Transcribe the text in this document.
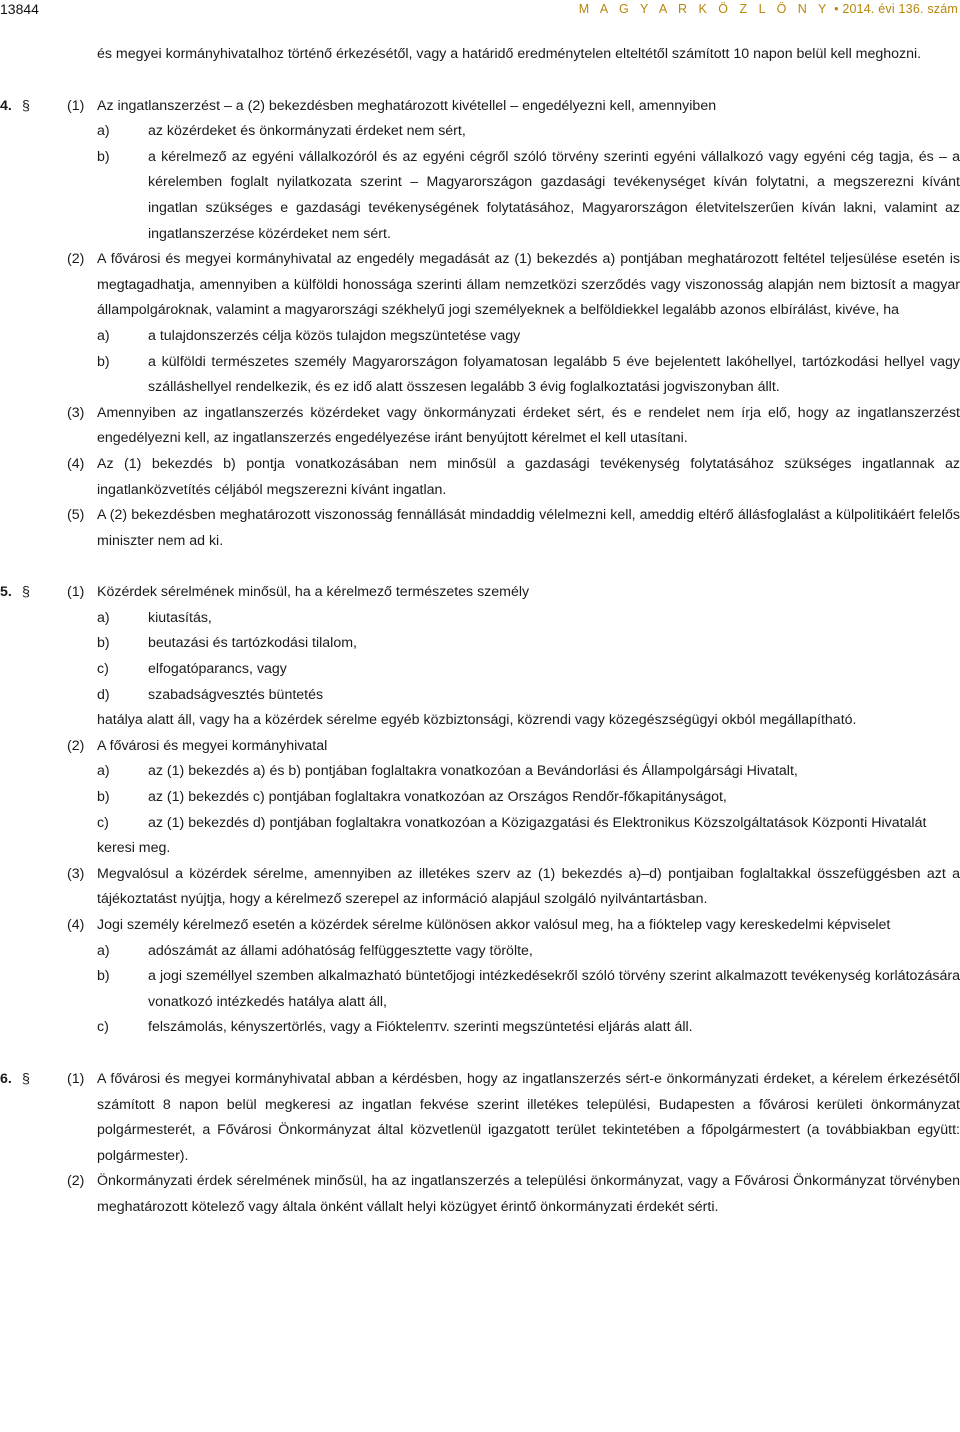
13844	M A G Y A R K Ö Z L Ö N Y • 2014. évi 136. szám

és megyei kormányhivatalhoz történő érkezésétől, vagy a határidő eredménytelen elteltétől számított 10 napon belül kell meghozni.

4. §	(1) Az ingatlanszerzést – a (2) bekezdésben meghatározott kivétellel – engedélyezni kell, amennyiben
a)	az közérdeket és önkormányzati érdeket nem sért,
b)	a kérelmező az egyéni vállalkozóról és az egyéni cégről szóló törvény szerinti egyéni vállalkozó vagy egyéni cég tagja, és – a kérelemben foglalt nyilatkozata szerint – Magyarországon gazdasági tevékenységet kíván folytatni, a megszerezni kívánt ingatlan szükséges e gazdasági tevékenységének folytatásához, Magyarországon életvitelszerűen kíván lakni, valamint az ingatlanszerzése közérdeket nem sért.
(2) A fővárosi és megyei kormányhivatal az engedély megadását az (1) bekezdés a) pontjában meghatározott feltétel teljesülése esetén is megtagadhatja, amennyiben a külföldi honossága szerinti állam nemzetközi szerződés vagy viszonosság alapján nem biztosít a magyar állampolgároknak, valamint a magyarországi székhelyű jogi személyeknek a belföldiekkel legalább azonos elbírálást, kivéve, ha
a)	a tulajdonszerzés célja közös tulajdon megszüntetése vagy
b)	a külföldi természetes személy Magyarországon folyamatosan legalább 5 éve bejelentett lakóhellyel, tartózkodási hellyel vagy szálláshellyel rendelkezik, és ez idő alatt összesen legalább 3 évig foglalkoztatási jogviszonyban állt.
(3) Amennyiben az ingatlanszerzés közérdeket vagy önkormányzati érdeket sért, és e rendelet nem írja elő, hogy az ingatlanszerzést engedélyezni kell, az ingatlanszerzés engedélyezése iránt benyújtott kérelmet el kell utasítani.
(4) Az (1) bekezdés b) pontja vonatkozásában nem minősül a gazdasági tevékenység folytatásához szükséges ingatlannak az ingatlanközvetítés céljából megszerezni kívánt ingatlan.
(5) A (2) bekezdésben meghatározott viszonosság fennállását mindaddig vélelmezni kell, ameddig eltérő állásfoglalást a külpolitikáért felelős miniszter nem ad ki.
5. §	(1) Közérdek sérelmének minősül, ha a kérelmező természetes személy
a)	kiutasítás,
b)	beutazási és tartózkodási tilalom,
c)	elfogatóparancs, vagy
d)	szabadságvesztés büntetés
hatálya alatt áll, vagy ha a közérdek sérelme egyéb közbiztonsági, közrendi vagy közegészségügyi okból megállapítható.
(2) A fővárosi és megyei kormányhivatal
a)	az (1) bekezdés a) és b) pontjában foglaltakra vonatkozóan a Bevándorlási és Állampolgársági Hivatalt,
b)	az (1) bekezdés c) pontjában foglaltakra vonatkozóan az Országos Rendőr-főkapitányságot,
c)	az (1) bekezdés d) pontjában foglaltakra vonatkozóan a Közigazgatási és Elektronikus Közszolgáltatások Központi Hivatalát
keresi meg.
(3) Megvalósul a közérdek sérelme, amennyiben az illetékes szerv az (1) bekezdés a)–d) pontjaiban foglaltakkal összefüggésben azt a tájékoztatást nyújtja, hogy a kérelmező szerepel az információ alapjául szolgáló nyilvántartásban.
(4) Jogi személy kérelmező esetén a közérdek sérelme különösen akkor valósul meg, ha a fióktelep vagy kereskedelmi képviselet
a)	adószámát az állami adóhatóság felfüggesztette vagy törölte,
b)	a jogi személlyel szemben alkalmazható büntetőjogi intézkedésekről szóló törvény szerint alkalmazott tevékenység korlátozására vonatkozó intézkedés hatálya alatt áll,
c)	felszámolás, kényszertörlés, vagy a Fióktelептv. szerinti megszüntetési eljárás alatt áll.
6. §	(1) A fővárosi és megyei kormányhivatal abban a kérdésben, hogy az ingatlanszerzés sért-e önkormányzati érdeket, a kérelem érkezésétől számított 8 napon belül megkeresi az ingatlan fekvése szerint illetékes települési, Budapesten a fővárosi kerületi önkormányzat polgármesterét, a Fővárosi Önkormányzat által közvetlenül igazgatott terület tekintetében a főpolgármestert (a továbbiakban együtt: polgármester).
(2) Önkormányzati érdek sérelmének minősül, ha az ingatlanszerzés a települési önkormányzat, vagy a Fővárosi Önkormányzat törvényben meghatározott kötelező vagy általa önként vállalt helyi közügyet érintő önkormányzati érdekét sérti.
